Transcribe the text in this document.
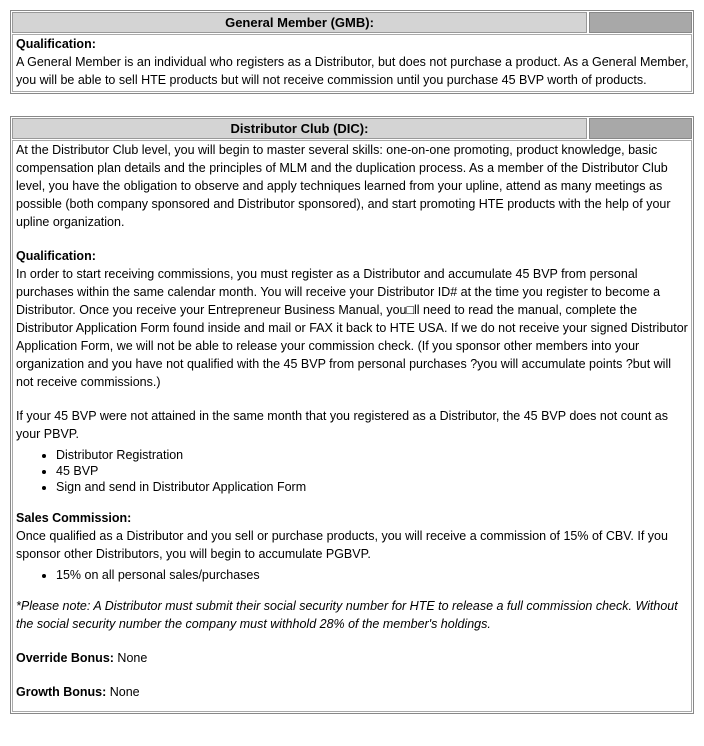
General Member (GMB):

Qualification:

A General Member is an individual who registers as a Distributor, but does not purchase a product. As a General Member, you will be able to sell HTE products but will not receive commission until you purchase 45 BVP worth of products.

Distributor Club (DIC):

At the Distributor Club level, you will begin to master several skills: one-on-one promoting, product knowledge, basic compensation plan details and the principles of MLM and the duplication process. As a member of the Distributor Club level, you have the obligation to observe and apply techniques learned from your upline, attend as many meetings as possible (both company sponsored and Distributor sponsored), and start promoting HTE products with the help of your upline organization.

Qualification:

In order to start receiving commissions, you must register as a Distributor and accumulate 45 BVP from personal purchases within the same calendar month. You will receive your Distributor ID# at the time you register to become a Distributor. Once you receive your Entrepreneur Business Manual, you□ll need to read the manual, complete the Distributor Application Form found inside and mail or FAX it back to HTE USA. If we do not receive your signed Distributor Application Form, we will not be able to release your commission check. (If you sponsor other members into your organization and you have not qualified with the 45 BVP from personal purchases ?you will accumulate points ?but will not receive commissions.)

If your 45 BVP were not attained in the same month that you registered as a Distributor, the 45 BVP does not count as your PBVP.

• Distributor Registration
• 45 BVP
• Sign and send in Distributor Application Form

Sales Commission:

Once qualified as a Distributor and you sell or purchase products, you will receive a commission of 15% of CBV. If you sponsor other Distributors, you will begin to accumulate PGBVP.

• 15% on all personal sales/purchases

*Please note: A Distributor must submit their social security number for HTE to release a full commission check. Without the social security number the company must withhold 28% of the member's holdings.

Override Bonus: None

Growth Bonus: None
